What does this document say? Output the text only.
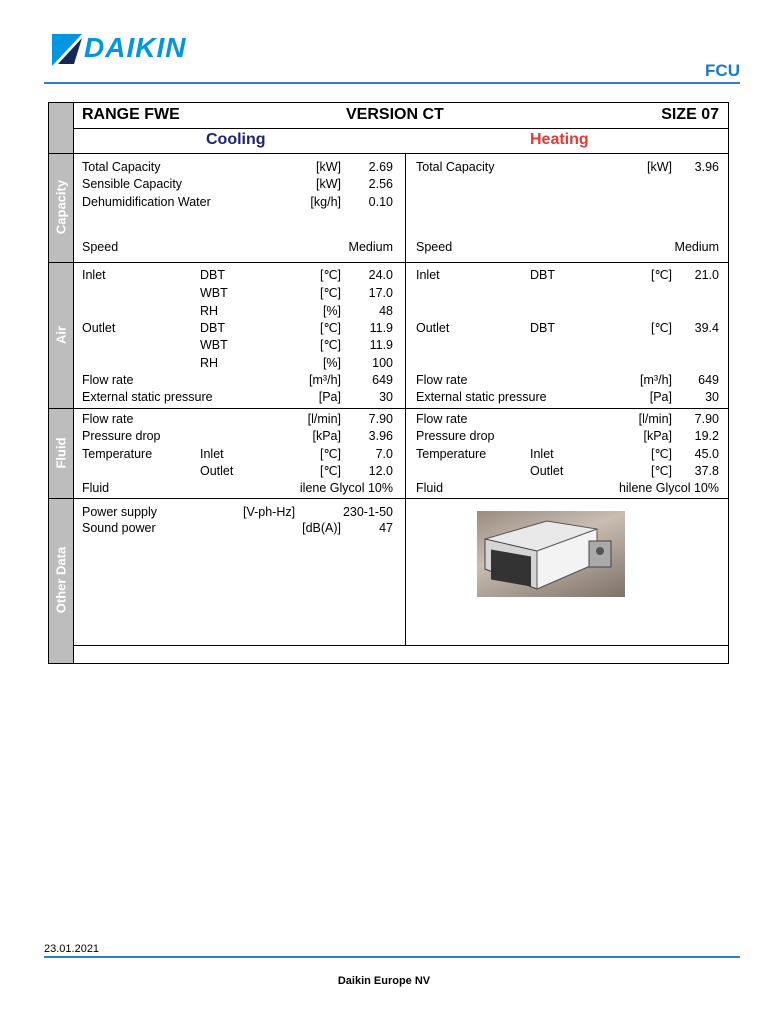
DAIKIN
FCU
Capacity
Air
Fluid
Other Data
RANGE FWE	VERSION CT	SIZE 07
Cooling	Heating
Total Capacity	[kW] 2.69
Sensible Capacity	[kW] 2.56
Dehumidification Water	[kg/h] 0.10
Speed	Medium
Inlet	DBT	[℃] 24.0
WBT	[℃] 17.0
RH	[%]	48
Outlet	DBT	[℃] 11.9
WBT	[℃] 11.9
RH	[%] 100
Flow rate	[m³/h] 649
External static pressure	[Pa]	30
Flow rate	[l/min] 7.90
Pressure drop	[kPa] 3.96
Temperature	Inlet	[℃]	7.0
Outlet	[℃] 12.0
Fluid	ilene Glycol 10%
Power supply	[V-ph-Hz]	230-1-50
Sound power	[dB(A)]	47
Total Capacity	[kW] 3.96
Speed	Medium
Inlet	DBT	[℃] 21.0
Outlet	DBT	[℃] 39.4
Flow rate	[m³/h] 649
External static pressure	[Pa]	30
Flow rate	[l/min] 7.90
Pressure drop	[kPa] 19.2
Temperature	Inlet	[℃] 45.0
Outlet	[℃] 37.8
Fluid	hilene Glycol 10%
23.01.2021
Daikin Europe NV
